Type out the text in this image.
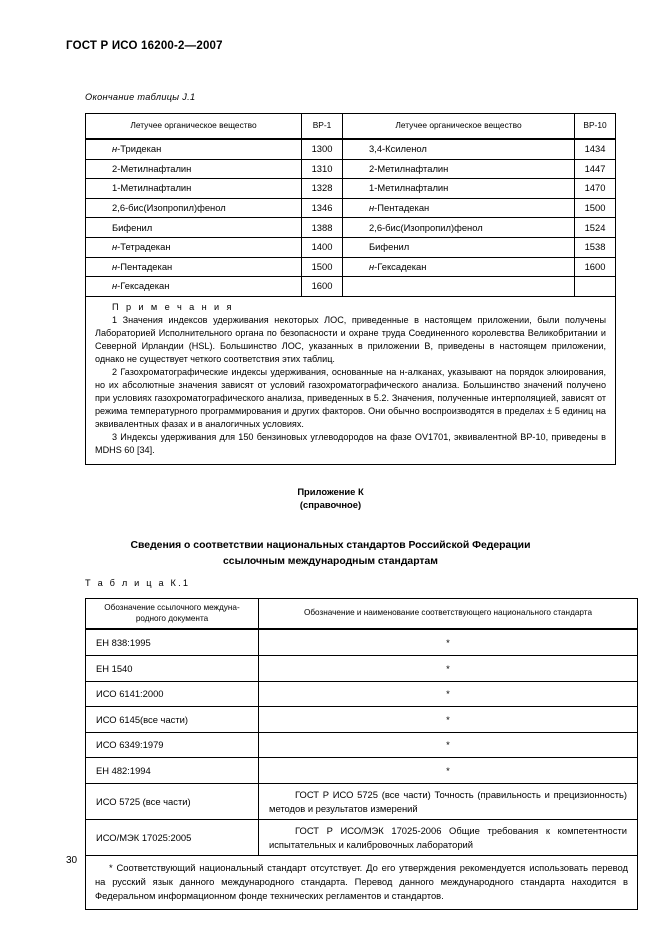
ГОСТ Р ИСО 16200-2—2007
Окончание таблицы J.1
Летучее органическое вещество	ВР-1	Летучее органическое вещество	ВР-10
н-Тридекан	1300	3,4-Ксиленол	1434
2-Метилнафталин	1310	2-Метилнафталин	1447
1-Метилнафталин	1328	1-Метилнафталин	1470
2,6-бис(Изопропил)фенол	1346	н-Пентадекан	1500
Бифенил	1388	2,6-бис(Изопропил)фенол	1524
н-Тетрадекан	1400	Бифенил	1538
н-Пентадекан	1500	н-Гексадекан	1600
н-Гексадекан	1600		

П р и м е ч а н и я

1 Значения индексов удерживания некоторых ЛОС, приведенные в настоящем приложении, были получены Лабораторией Исполнительного органа по безопасности и охране труда Соединенного королевства Великобритании и Северной Ирландии (HSL). Большинство ЛОС, указанных в приложении В, приведены в настоящем приложении, однако не существует четкого соответствия этих таблиц.

2 Газохроматографические индексы удерживания, основанные на н-алканах, указывают на порядок элюирования, но их абсолютные значения зависят от условий газохроматографического анализа. Большинство значений получено при условиях газохроматографического анализа, приведенных в 5.2. Значения, полученные интерполяцией, зависят от режима температурного программирования и других факторов. Они обычно воспроизводятся в пределах ± 5 единиц на эквивалентных фазах и в аналогичных условиях.

3 Индексы удерживания для 150 бензиновых углеводородов на фазе OV1701, эквивалентной ВР-10, приведены в MDHS 60 [34].			

Приложение К
(справочное)
Сведения о соответствии национальных стандартов Российской Федерации
ссылочным международным стандартам
Т а б л и ц а К.1
Обозначение ссылочного междуна-
родного документа	Обозначение и наименование соответствующего национального стандарта
ЕН 838:1995	*
ЕН 1540	*
ИСО 6141:2000	*
ИСО 6145(все части)	*
ИСО 6349:1979	*
ЕН 482:1994	*
ИСО 5725 (все части)	ГОСТ Р ИСО 5725 (все части) Точность (правильность и прецизионность) методов и результатов измерений
ИСО/МЭК 17025:2005	ГОСТ Р ИСО/МЭК 17025-2006 Общие требования к компетентности испытательных и калибровочных лабораторий
* Соответствующий национальный стандарт отсутствует. До его утверждения рекомендуется использовать перевод на русский язык данного международного стандарта. Перевод данного международного стандарта находится в Федеральном информационном фонде технических регламентов и стандартов.	
30
